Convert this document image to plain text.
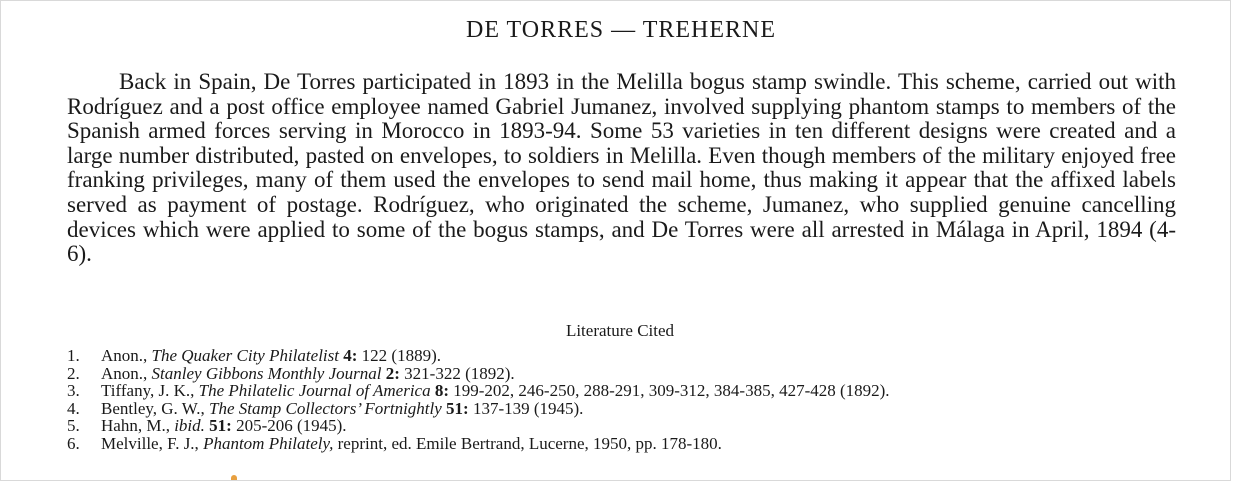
DE TORRES — TREHERNE

Back in Spain, De Torres participated in 1893 in the Melilla bogus stamp swindle. This scheme, carried out with Rodríguez and a post office employee named Gabriel Jumanez, involved supplying phantom stamps to members of the Spanish armed forces serving in Morocco in 1893-94. Some 53 varieties in ten different designs were created and a large number distributed, pasted on envelopes, to soldiers in Melilla. Even though members of the military enjoyed free franking privileges, many of them used the envelopes to send mail home, thus making it appear that the affixed labels served as payment of postage. Rodríguez, who originated the scheme, Jumanez, who supplied genuine cancelling devices which were applied to some of the bogus stamps, and De Torres were all arrested in Málaga in April, 1894 (4-6).

Literature Cited
1. Anon., The Quaker City Philatelist 4: 122 (1889).
2. Anon., Stanley Gibbons Monthly Journal 2: 321-322 (1892).
3. Tiffany, J. K., The Philatelic Journal of America 8: 199-202, 246-250, 288-291, 309-312, 384-385, 427-428 (1892).
4. Bentley, G. W., The Stamp Collectors’ Fortnightly 51: 137-139 (1945).
5. Hahn, M., ibid. 51: 205-206 (1945).
6. Melville, F. J., Phantom Philately, reprint, ed. Emile Bertrand, Lucerne, 1950, pp. 178-180.
